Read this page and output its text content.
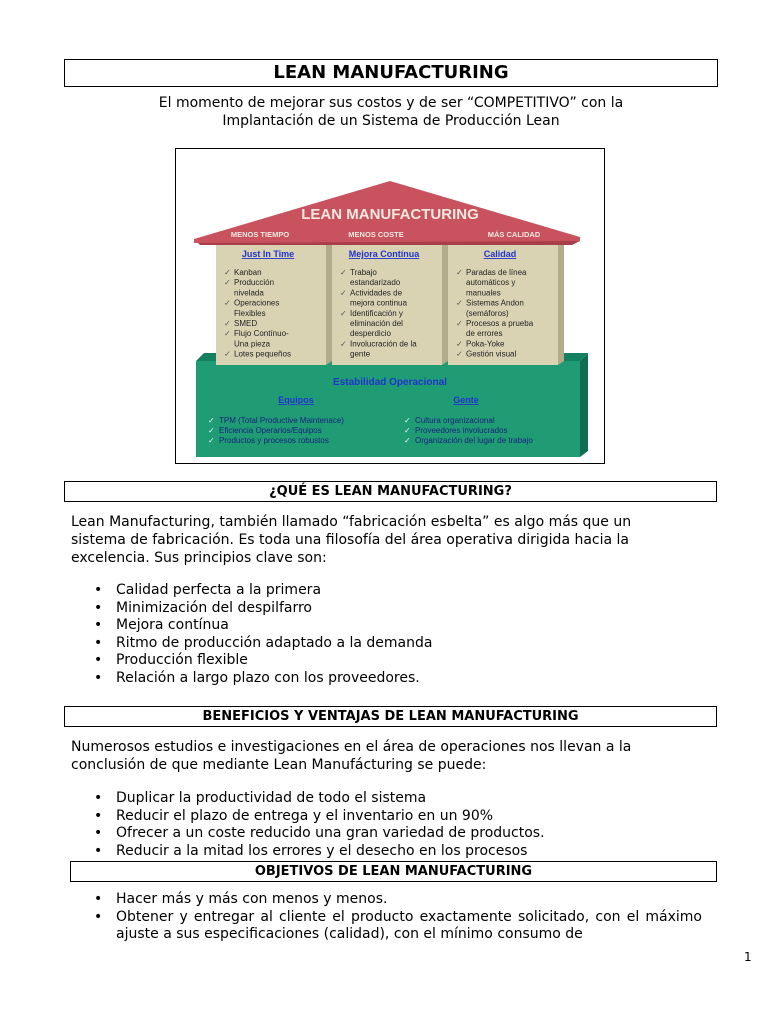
LEAN MANUFACTURING
El momento de mejorar sus costos y de ser “COMPETITIVO” con la
Implantación de un Sistema de Producción Lean
LEAN MANUFACTURING
MENOS TIEMPO	MENOS COSTE	MÁS CALIDAD
Just In Time	Mejora Contínua	Calidad
✓ Kanban
✓ Producción
nivelada
✓ Operaciones
Flexibles
✓ SMED
✓ Flujo Contínuo-
Una pieza
✓ Lotes pequeños
✓ Trabajo
estandarizado
✓ Actividades de
mejora continua
✓ Identificación y
eliminación del
desperdicio
✓ Involucración de la
gente
✓ Paradas de línea
automáticos y
manuales
✓ Sistemas Andon
(semáforos)
✓ Procesos a prueba
de errores
✓ Poka-Yoke
✓ Gestión visual
Estabilidad Operacional
Equipos	Gente
✓ TPM (Total Productive Maintenace)
✓ Eficiencia Operarios/Equipos
✓ Productos y procesos robustos
✓ Cultura organizacional
✓ Proveedores involucrados
✓ Organización del lugar de trabajo
¿QUÉ ES LEAN MANUFACTURING?
Lean Manufacturing, también llamado “fabricación esbelta” es algo más que un
sistema de fabricación. Es toda una filosofía del área operativa dirigida hacia la
excelencia. Sus principios clave son:
• Calidad perfecta a la primera
• Minimización del despilfarro
• Mejora contínua
• Ritmo de producción adaptado a la demanda
• Producción flexible
• Relación a largo plazo con los proveedores.
BENEFICIOS Y VENTAJAS DE LEAN MANUFACTURING
Numerosos estudios e investigaciones en el área de operaciones nos llevan a la
conclusión de que mediante Lean Manufácturing se puede:
• Duplicar la productividad de todo el sistema
• Reducir el plazo de entrega y el inventario en un 90%
• Ofrecer a un coste reducido una gran variedad de productos.
• Reducir a la mitad los errores y el desecho en los procesos
OBJETIVOS DE LEAN MANUFACTURING
• Hacer más y más con menos y menos.
• Obtener y entregar al cliente el producto exactamente solicitado, con el máximo ajuste a sus especificaciones (calidad), con el mínimo consumo de
1
